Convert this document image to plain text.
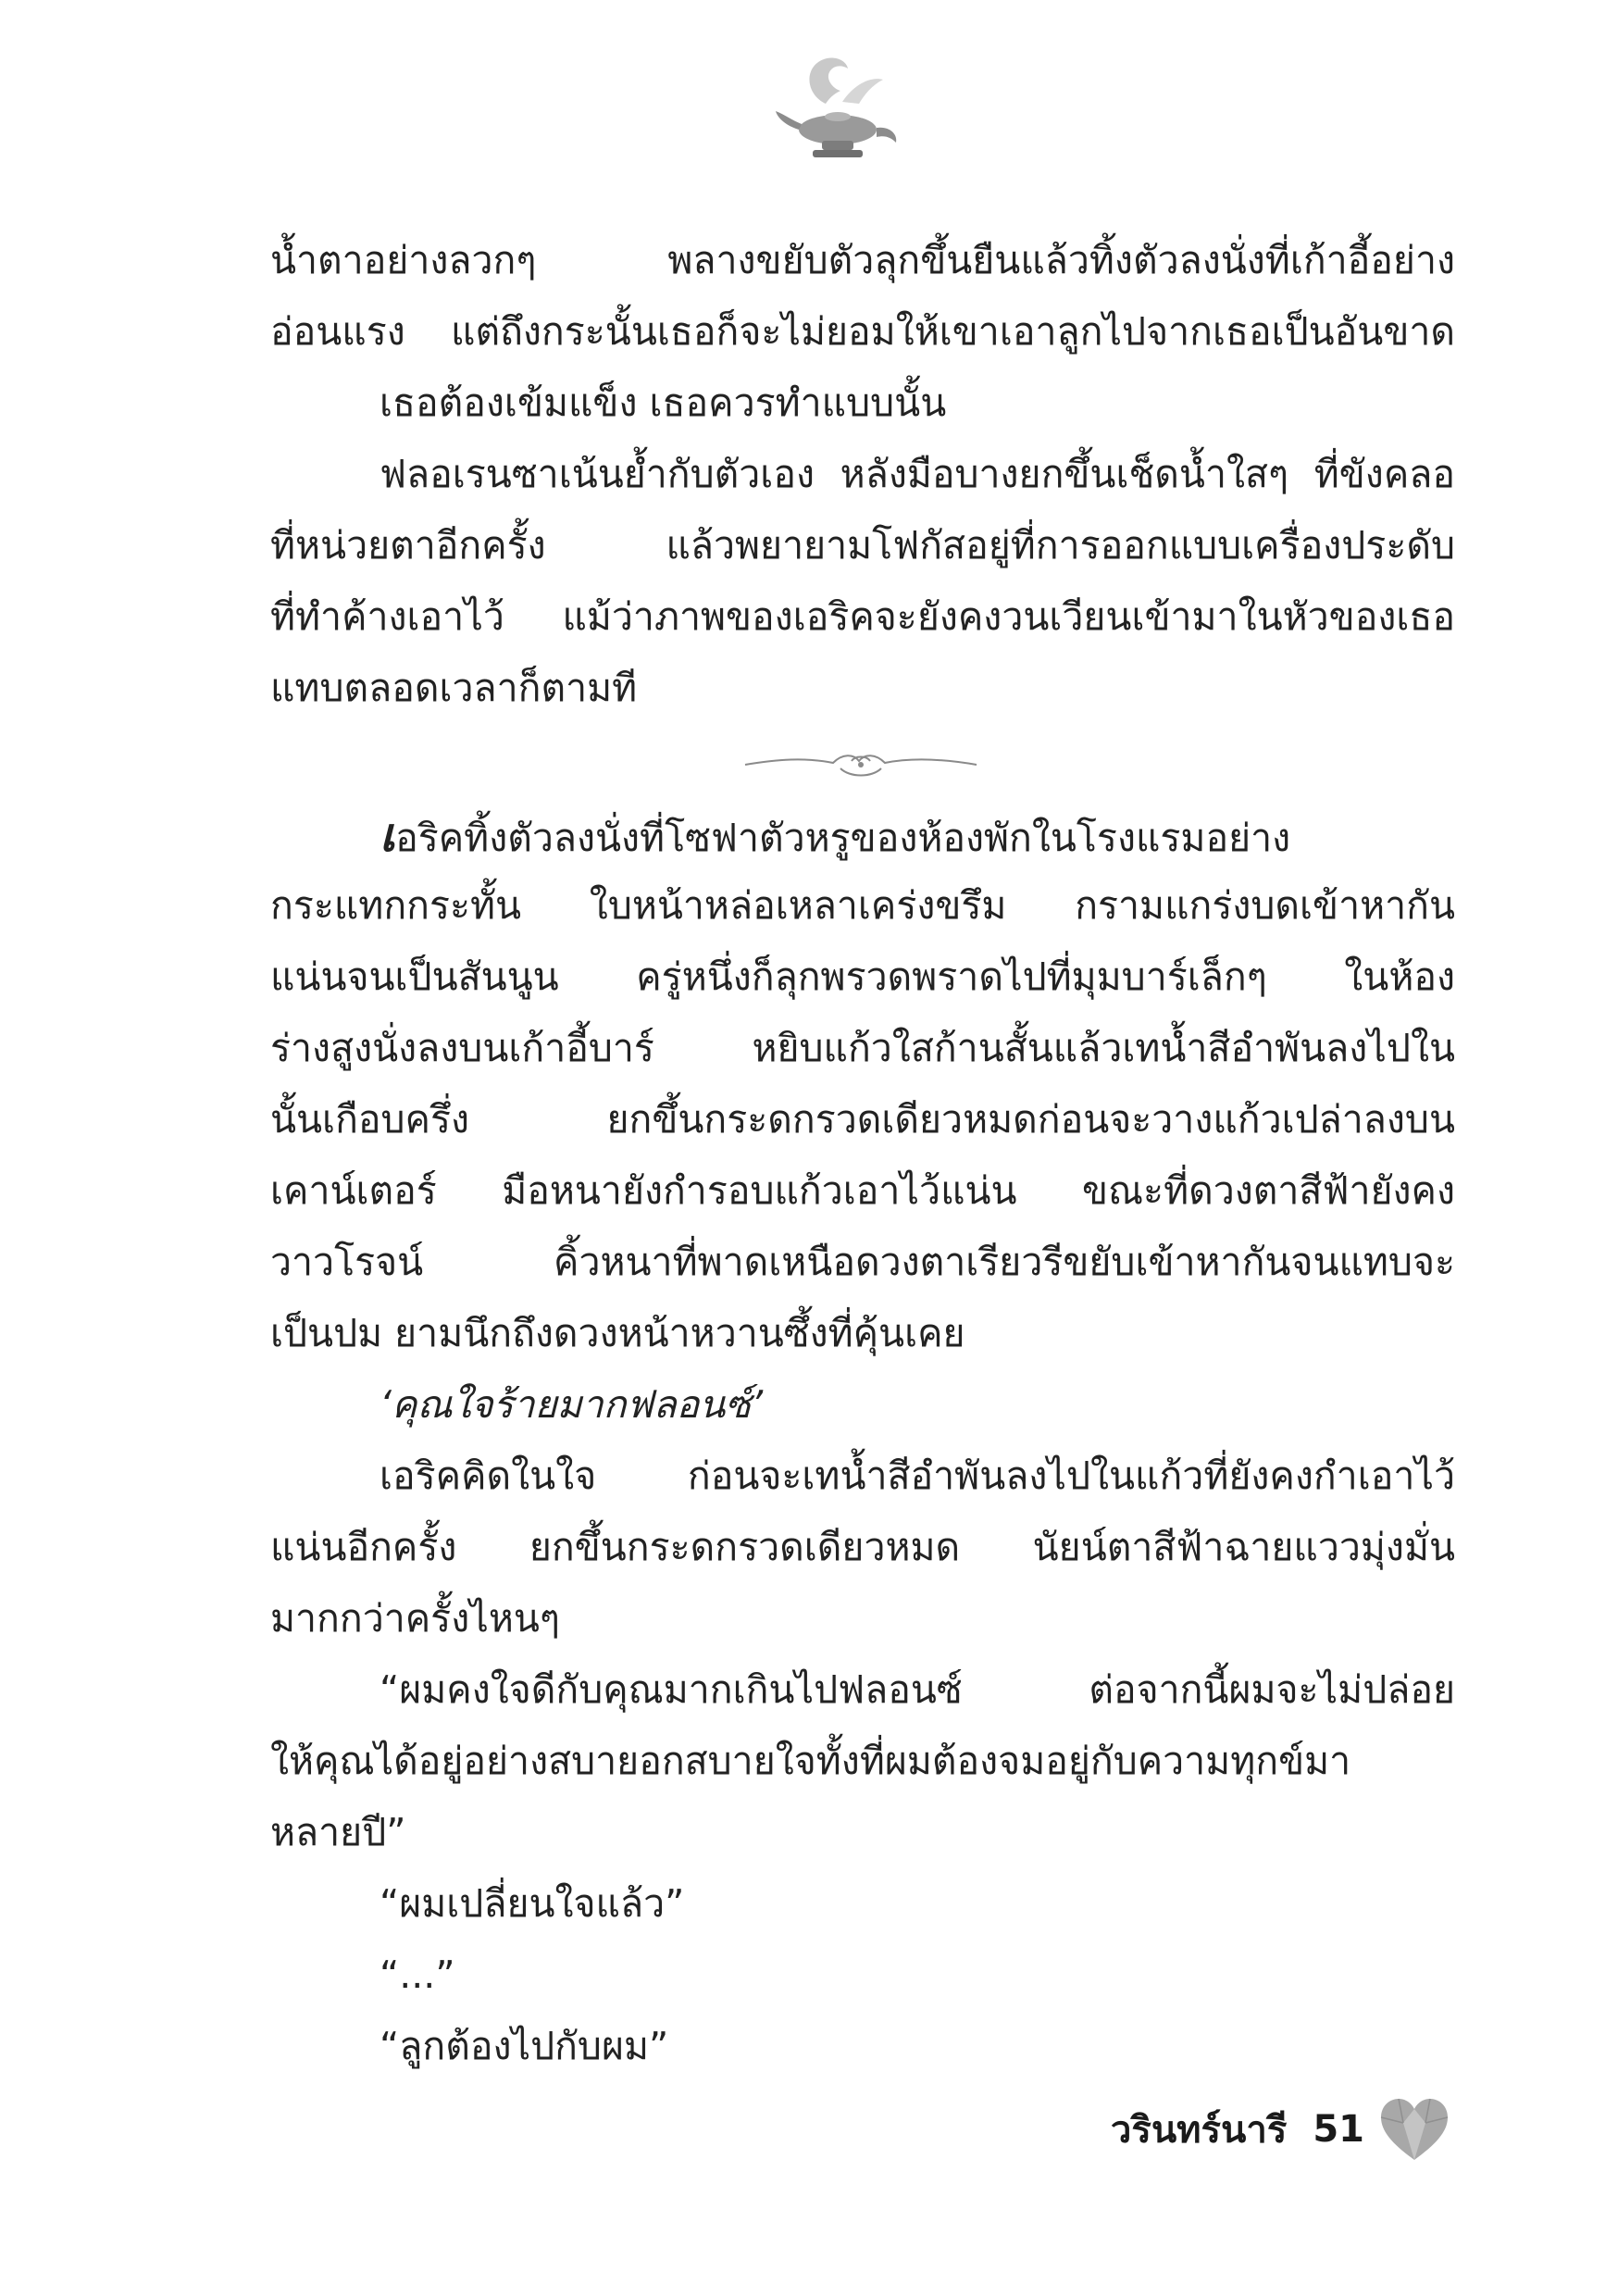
น้ำตาอย่างลวกๆ พลางขยับตัวลุกขึ้นยืนแล้วทิ้งตัวลงนั่งที่เก้าอี้อย่าง
อ่อนแรง แต่ถึงกระนั้นเธอก็จะไม่ยอมให้เขาเอาลูกไปจากเธอเป็นอันขาด
เธอต้องเข้มแข็ง เธอควรทำแบบนั้น
ฟลอเรนซาเน้นย้ำกับตัวเอง หลังมือบางยกขึ้นเช็ดน้ำใสๆ ที่ขังคลอ
ที่หน่วยตาอีกครั้ง แล้วพยายามโฟกัสอยู่ที่การออกแบบเครื่องประดับ
ที่ทำค้างเอาไว้ แม้ว่าภาพของเอริคจะยังคงวนเวียนเข้ามาในหัวของเธอ
แทบตลอดเวลาก็ตามที
เอริคทิ้งตัวลงนั่งที่โซฟาตัวหรูของห้องพักในโรงแรมอย่าง
กระแทกกระทั้น ใบหน้าหล่อเหลาเคร่งขรึม กรามแกร่งบดเข้าหากัน
แน่นจนเป็นสันนูน ครู่หนึ่งก็ลุกพรวดพราดไปที่มุมบาร์เล็กๆ ในห้อง
ร่างสูงนั่งลงบนเก้าอี้บาร์ หยิบแก้วใสก้านสั้นแล้วเทน้ำสีอำพันลงไปใน
นั้นเกือบครึ่ง ยกขึ้นกระดกรวดเดียวหมดก่อนจะวางแก้วเปล่าลงบน
เคาน์เตอร์ มือหนายังกำรอบแก้วเอาไว้แน่น ขณะที่ดวงตาสีฟ้ายังคง
วาวโรจน์ คิ้วหนาที่พาดเหนือดวงตาเรียวรีขยับเข้าหากันจนแทบจะ
เป็นปม ยามนึกถึงดวงหน้าหวานซึ้งที่คุ้นเคย
‘คุณใจร้ายมากฟลอนซ์’
เอริคคิดในใจ ก่อนจะเทน้ำสีอำพันลงไปในแก้วที่ยังคงกำเอาไว้
แน่นอีกครั้ง ยกขึ้นกระดกรวดเดียวหมด นัยน์ตาสีฟ้าฉายแววมุ่งมั่น
มากกว่าครั้งไหนๆ
“ผมคงใจดีกับคุณมากเกินไปฟลอนซ์ ต่อจากนี้ผมจะไม่ปล่อย
ให้คุณได้อยู่อย่างสบายอกสบายใจทั้งที่ผมต้องจมอยู่กับความทุกข์มา
หลายปี”
“ผมเปลี่ยนใจแล้ว”
“...”
“ลูกต้องไปกับผม”
วรินทร์นารี 51
